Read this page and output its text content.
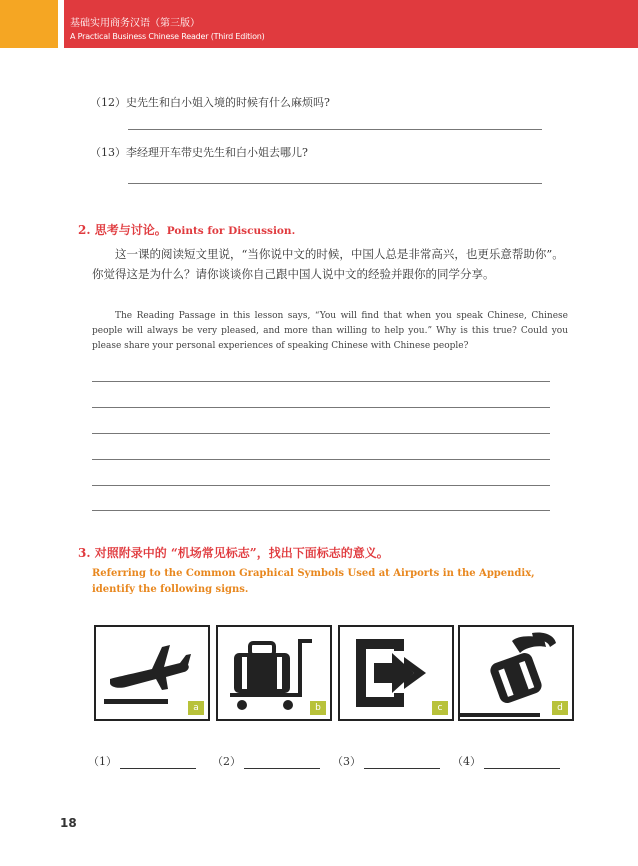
基础实用商务汉语（第三版）
A Practical Business Chinese Reader (Third Edition)
（12）史先生和白小姐入境的时候有什么麻烦吗?
（13）李经理开车带史先生和白小姐去哪儿?
2. 思考与讨论。Points for Discussion.
这一课的阅读短文里说，“当你说中文的时候，中国人总是非常高兴，也更乐意帮助你”。你觉得这是为什么？请你谈谈你自己跟中国人说中文的经验并跟你的同学分享。
The Reading Passage in this lesson says, “You will find that when you speak Chinese, Chinese people will always be very pleased, and more than willing to help you.” Why is this true? Could you please share your personal experiences of speaking Chinese with Chinese people?
3. 对照附录中的 “机场常见标志”，找出下面标志的意义。
Referring to the Common Graphical Symbols Used at Airports in the Appendix, identify the following signs.
a	b	c	d
（1）	（2）	（3）	（4）
18
